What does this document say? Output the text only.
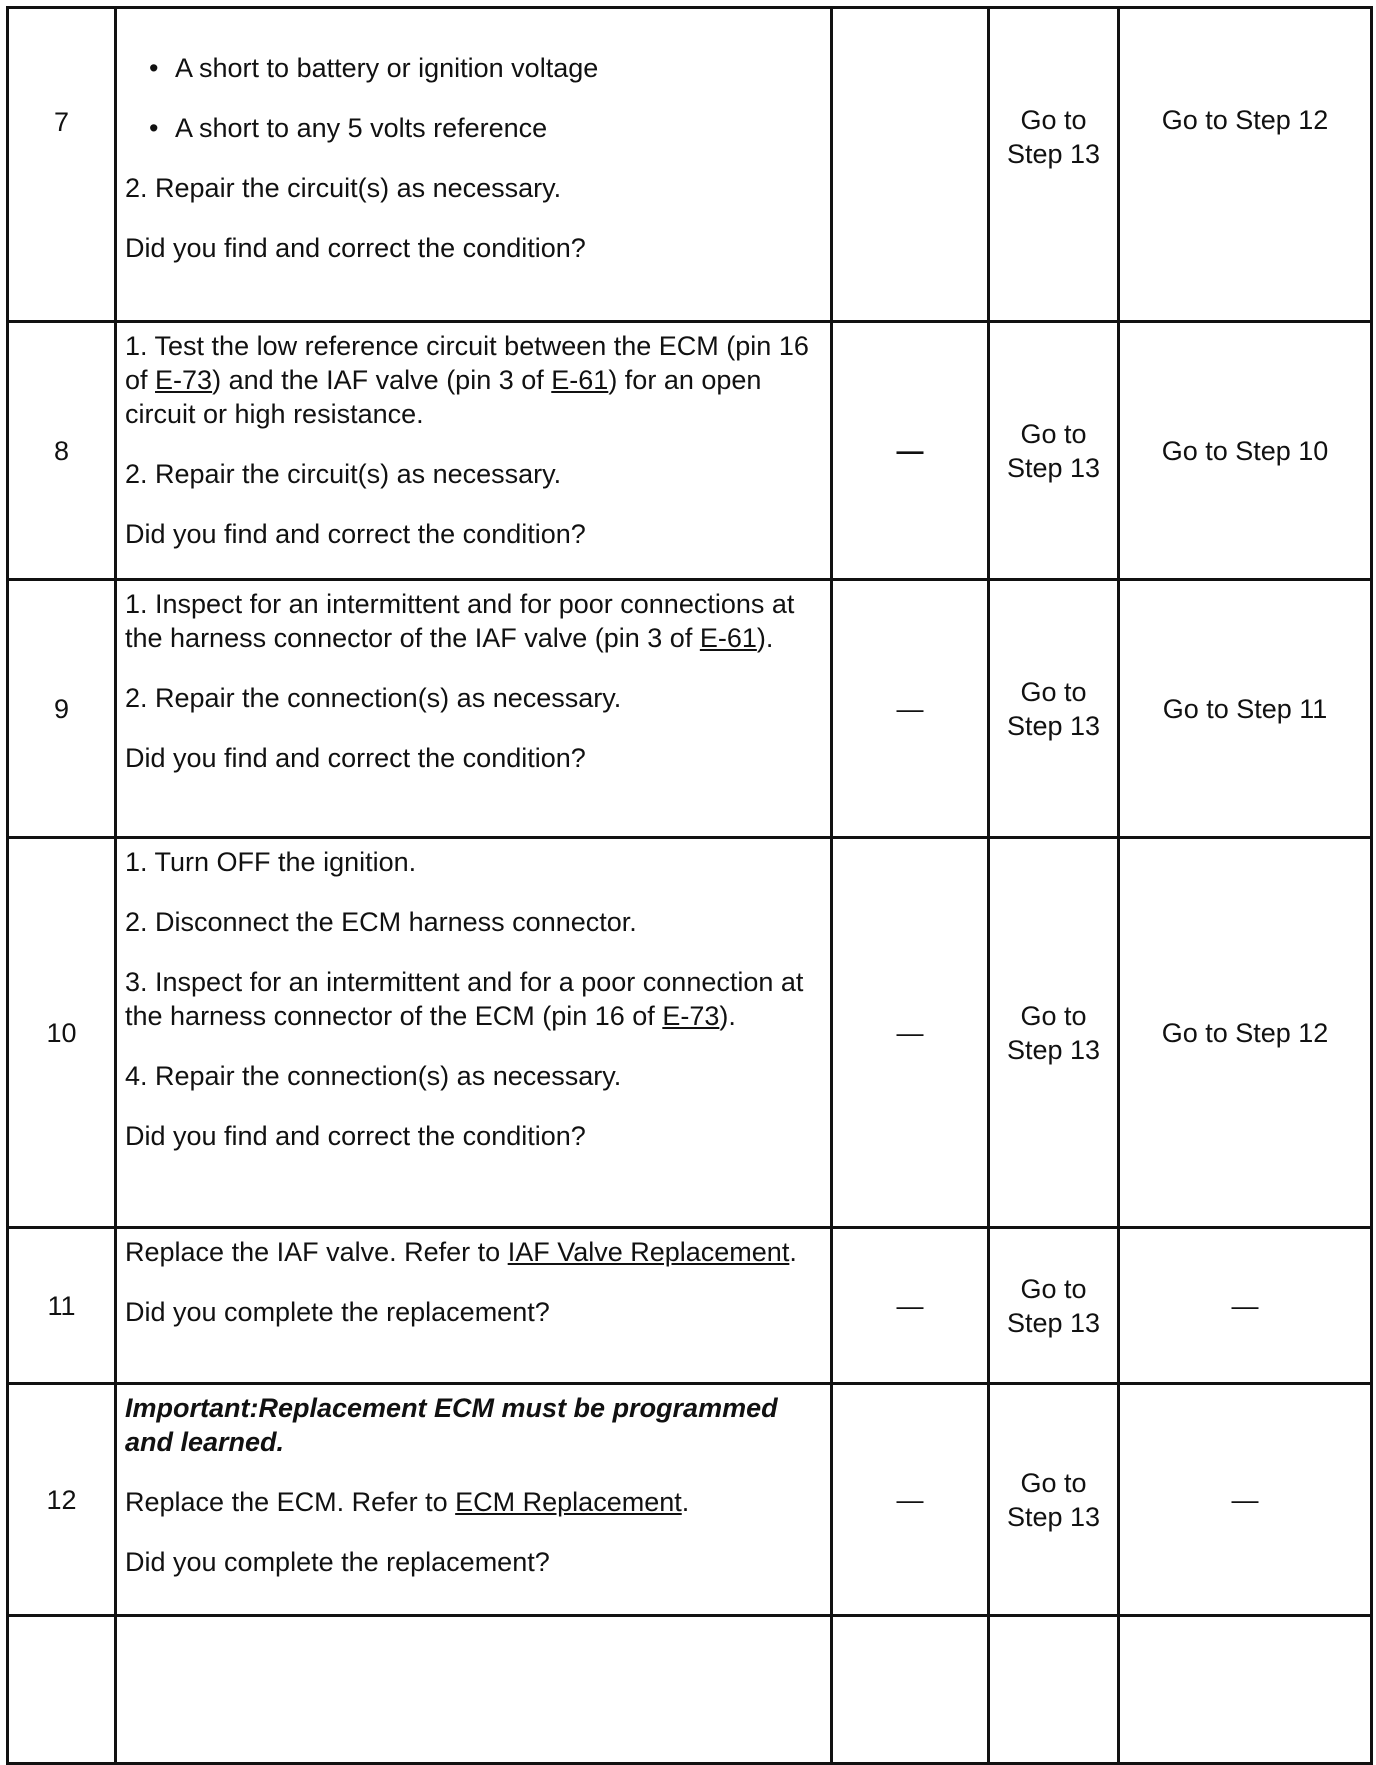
7	• A short to battery or ignition voltage

• A short to any 5 volts reference

2. Repair the circuit(s) as necessary.

Did you find and correct the condition?		Go to Step 13	Go to Step 12
8	1. Test the low reference circuit between the ECM (pin 16 of E-73) and the IAF valve (pin 3 of E-61) for an open circuit or high resistance.

2. Repair the circuit(s) as necessary.

Did you find and correct the condition?	—	Go to Step 13	Go to Step 10
9	1. Inspect for an intermittent and for poor connections at the harness connector of the IAF valve (pin 3 of E-61).

2. Repair the connection(s) as necessary.

Did you find and correct the condition?	—	Go to Step 13	Go to Step 11
10	1. Turn OFF the ignition.

2. Disconnect the ECM harness connector.

3. Inspect for an intermittent and for a poor connection at the harness connector of the ECM (pin 16 of E-73).

4. Repair the connection(s) as necessary.

Did you find and correct the condition?	—	Go to Step 13	Go to Step 12
11	Replace the IAF valve. Refer to IAF Valve Replacement.

Did you complete the replacement?	—	Go to Step 13	—
12	Important:Replacement ECM must be programmed and learned.

Replace the ECM. Refer to ECM Replacement.

Did you complete the replacement?	—	Go to Step 13	—
